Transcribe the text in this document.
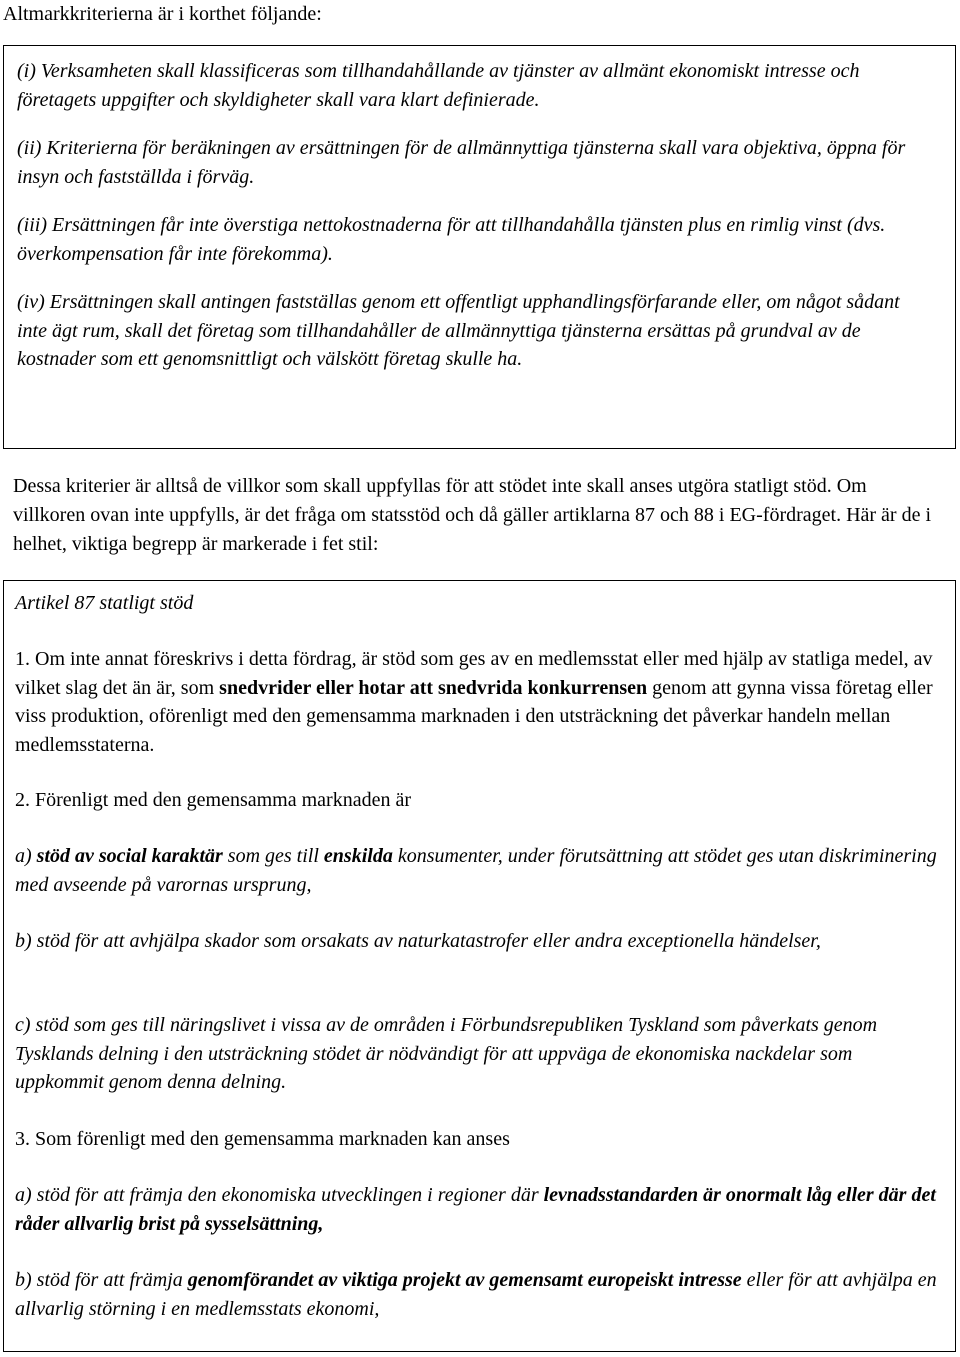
Altmarkkriterierna är i korthet följande:

(i) Verksamheten skall klassificeras som tillhandahållande av tjänster av allmänt ekonomiskt intresse och företagets uppgifter och skyldigheter skall vara klart definierade.

(ii) Kriterierna för beräkningen av ersättningen för de allmännyttiga tjänsterna skall vara objektiva, öppna för insyn och fastställda i förväg.

(iii) Ersättningen får inte överstiga nettokostnaderna för att tillhandahålla tjänsten plus en rimlig vinst (dvs. överkompensation får inte förekomma).

(iv) Ersättningen skall antingen fastställas genom ett offentligt upphandlingsförfarande eller, om något sådant inte ägt rum, skall det företag som tillhandahåller de allmännyttiga tjänsterna ersättas på grundval av de kostnader som ett genomsnittligt och välskött företag skulle ha.

Dessa kriterier är alltså de villkor som skall uppfyllas för att stödet inte skall anses utgöra statligt stöd. Om villkoren ovan inte uppfylls, är det fråga om statsstöd och då gäller artiklarna 87 och 88 i EG-fördraget. Här är de i helhet, viktiga begrepp är markerade i fet stil:

Artikel 87 statligt stöd

1. Om inte annat föreskrivs i detta fördrag, är stöd som ges av en medlemsstat eller med hjälp av statliga medel, av vilket slag det än är, som snedvrider eller hotar att snedvrida konkurrensen genom att gynna vissa företag eller viss produktion, oförenligt med den gemensamma marknaden i den utsträckning det påverkar handeln mellan medlemsstaterna.

2. Förenligt med den gemensamma marknaden är

a) stöd av social karaktär som ges till enskilda konsumenter, under förutsättning att stödet ges utan diskriminering med avseende på varornas ursprung,

b) stöd för att avhjälpa skador som orsakats av naturkatastrofer eller andra exceptionella händelser,

c) stöd som ges till näringslivet i vissa av de områden i Förbundsrepubliken Tyskland som påverkats genom Tysklands delning i den utsträckning stödet är nödvändigt för att uppväga de ekonomiska nackdelar som uppkommit genom denna delning.

3. Som förenligt med den gemensamma marknaden kan anses

a) stöd för att främja den ekonomiska utvecklingen i regioner där levnadsstandarden är onormalt låg eller där det råder allvarlig brist på sysselsättning,

b) stöd för att främja genomförandet av viktiga projekt av gemensamt europeiskt intresse eller för att avhjälpa en allvarlig störning i en medlemsstats ekonomi,
